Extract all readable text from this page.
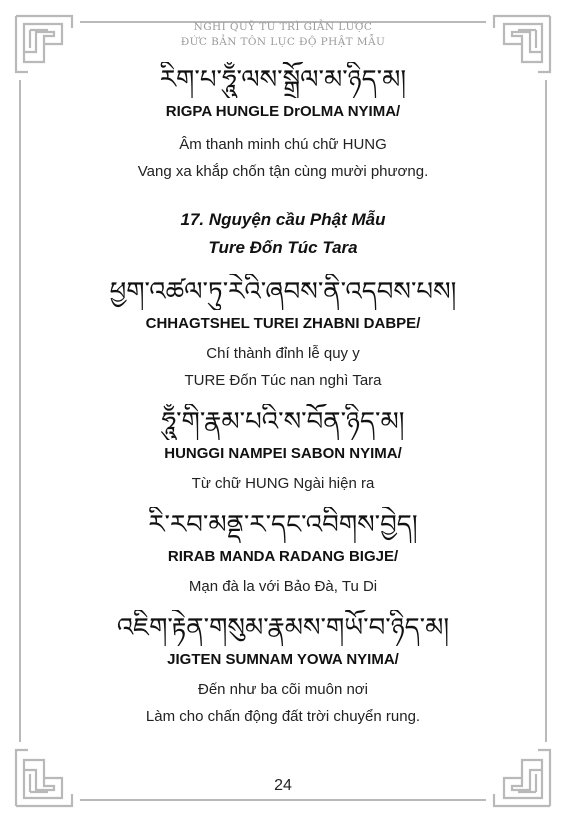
NGHI QUỸ TU TRÌ GIẢN LƯỢC
ĐỨC BẢN TÔN LỤC ĐỘ PHẬT MẪU
རིག་པ་ཧཱུྃ་ལས་སྒྲོལ་མ་ཉིད་མ།
RIGPA HUNGLE DrOLMA NYIMA/
Âm thanh minh chú chữ HUNG
Vang xa khắp chốn tận cùng mười phương.
17. Nguyện cầu Phật Mẫu
Ture Đốn Túc Tara
ཕྱག་འཚལ་ཏུ་རེའི་ཞབས་ནི་འདབས་པས།
CHHAGTSHEL TUREI ZHABNI DABPE/
Chí thành đỉnh lễ quy y
TURE Đốn Túc nan nghì Tara
ཧཱུྃ་གི་རྣམ་པའི་ས་བོན་ཉིད་མ།
HUNGGI NAMPEI SABON NYIMA/
Từ chữ HUNG Ngài hiện ra
རི་རབ་མནྡ་ར་དང་འབིགས་བྱེད།
RIRAB MANDA RADANG BIGJE/
Mạn đà la với Bảo Đà, Tu Di
འཇིག་རྟེན་གསུམ་རྣམས་གཡོ་བ་ཉིད་མ།
JIGTEN SUMNAM YOWA NYIMA/
Đến như ba cõi muôn nơi
Làm cho chấn động đất trời chuyển rung.
24
